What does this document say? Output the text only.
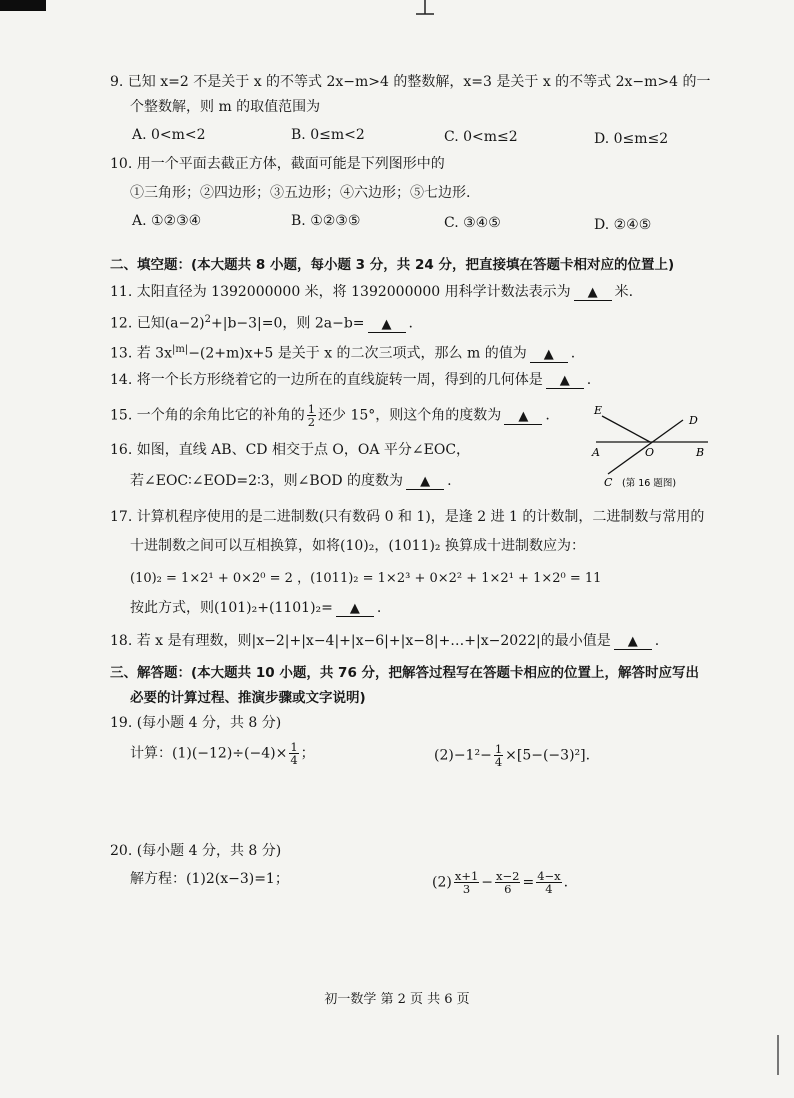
9. 已知 x=2 不是关于 x 的不等式 2x−m>4 的整数解，x=3 是关于 x 的不等式 2x−m>4 的一
个整数解，则 m 的取值范围为
A. 0<m<2	B. 0≤m<2	C. 0<m≤2	D. 0≤m≤2
10. 用一个平面去截正方体，截面可能是下列图形中的
①三角形；②四边形；③五边形；④六边形；⑤七边形.
A. ①②③④	B. ①②③⑤	C. ③④⑤	D. ②④⑤
二、填空题：(本大题共 8 小题，每小题 3 分，共 24 分，把直接填在答题卡相对应的位置上)
11. 太阳直径为 1392000000 米，将 1392000000 用科学计数法表示为 ▲ 米.
12. 已知$(a-2)^2+|b-3|=0$，则 2a−b= ▲ .
13. 若 $3x^{|m|}-(2+m)x+5$ 是关于 x 的二次三项式，那么 m 的值为 ▲ .
14. 将一个长方形绕着它的一边所在的直线旋转一周，得到的几何体是 ▲ .
15. 一个角的余角比它的补角的 $\frac{1}{2}$ 还少 15°，则这个角的度数为 ▲ .
16. 如图，直线 AB、CD 相交于点 O，OA 平分∠EOC，
若∠EOC∶∠EOD=2∶3，则∠BOD 的度数为 ▲ .
E
D
A	O	B
C (第 16 题图)
17. 计算机程序使用的是二进制数(只有数码 0 和 1)，是逢 2 进 1 的计数制，二进制数与常用的
十进制数之间可以互相换算，如将(10)₂，(1011)₂ 换算成十进制数应为：
(10)₂ = 1×2¹ + 0×2⁰ = 2 ，(1011)₂ = 1×2³ + 0×2² + 1×2¹ + 1×2⁰ = 11
按此方式，则(101)₂+(1101)₂= ▲ .
18. 若 x 是有理数，则|x−2|+|x−4|+|x−6|+|x−8|+…+|x−2022|的最小值是 ▲ .
三、解答题：(本大题共 10 小题，共 76 分，把解答过程写在答题卡相应的位置上，解答时应写出
必要的计算过程、推演步骤或文字说明)
19. (每小题 4 分，共 8 分)
计算：$(1)(-12)\div(-4)\times \frac{1}{4}$ ；	$(2)-1^2- \frac{1}{4} \times[5-(-3)^2]$.
20. (每小题 4 分，共 8 分)
解方程：(1)2(x−3)=1；	$(2) \frac{x+1}{3} - \frac{x-2}{6} = \frac{4-x}{4}$ .
初一数学 第 2 页 共 6 页
